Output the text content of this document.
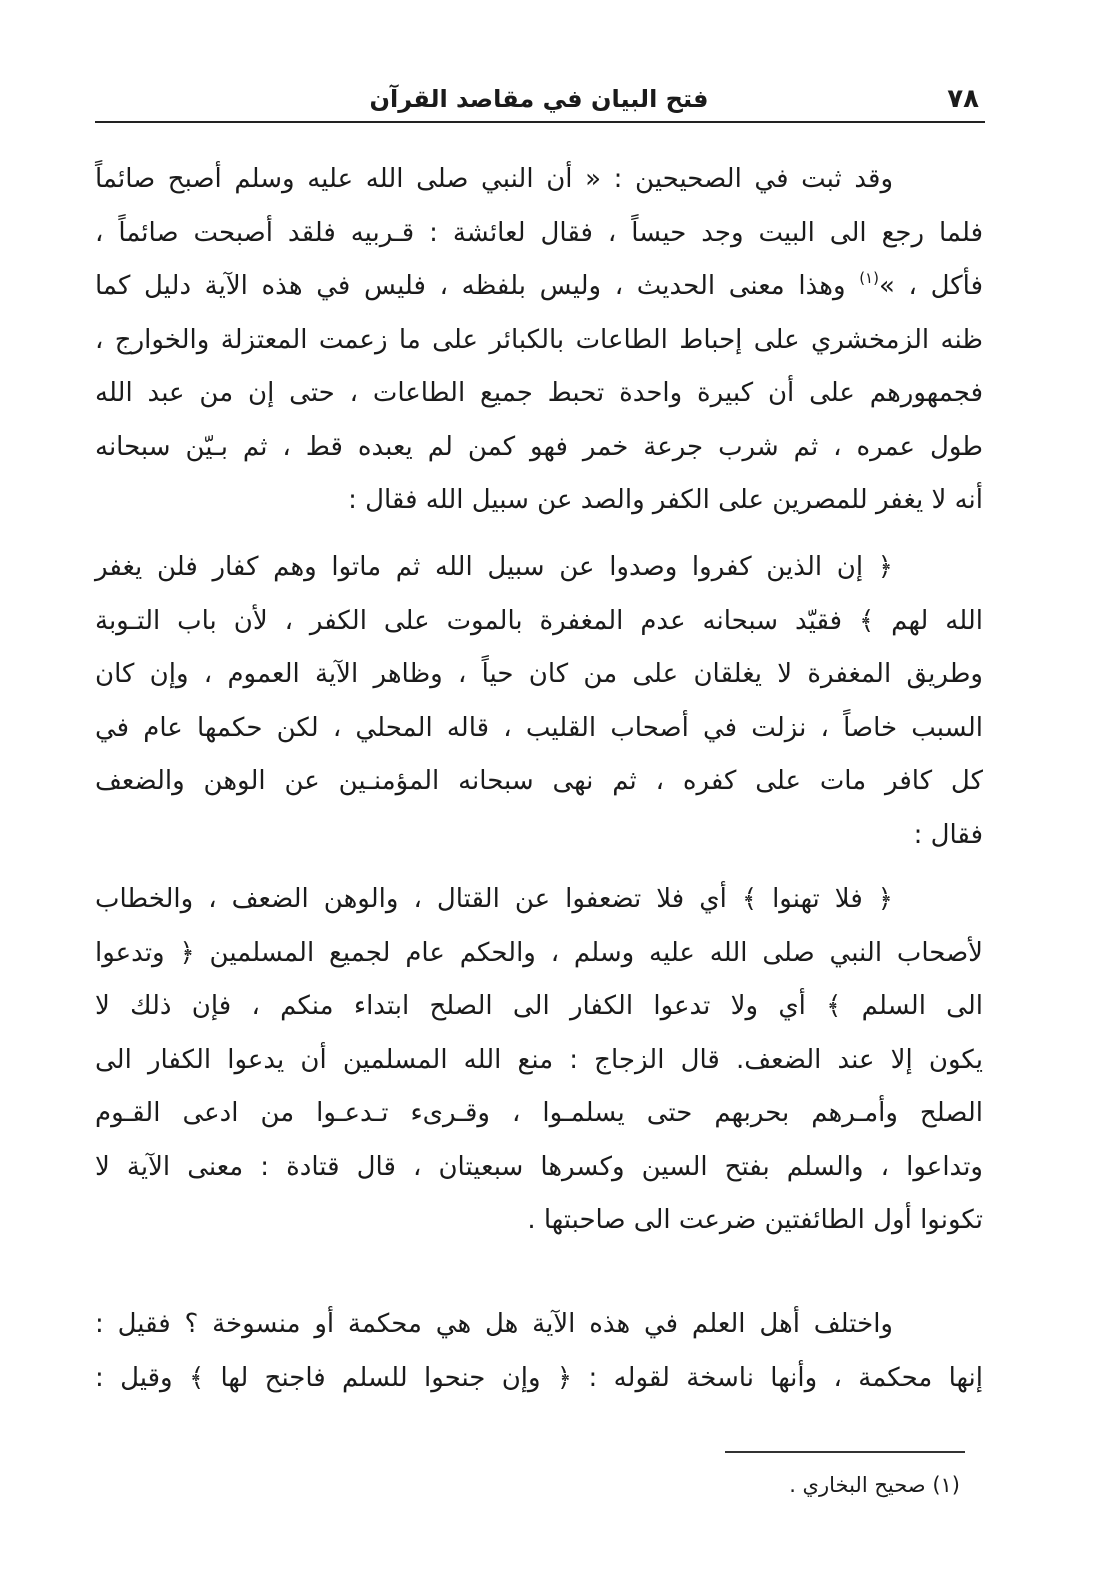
٧٨
فتح البيان في مقاصد القرآن
وقد ثبت في الصحيحين : « أن النبي صلى الله عليه وسلم أصبح صائماً
فلما رجع الى البيت وجد حيساً ، فقال لعائشة : قـربيه فلقد أصبحت صائماً ،
فأكل ، »$^{(١)}$ وهذا معنى الحديث ، وليس بلفظه ، فليس في هذه الآية دليل كما
ظنه الزمخشري على إحباط الطاعات بالكبائر على ما زعمت المعتزلة والخوارج ،
فجمهورهم على أن كبيرة واحدة تحبط جميع الطاعات ، حتى إن من عبد الله
طول عمره ، ثم شرب جرعة خمر فهو كمن لم يعبده قط ، ثم بـيّن سبحانه
أنه لا يغفر للمصرين على الكفر والصد عن سبيل الله فقال :
﴿ إن الذين كفروا وصدوا عن سبيل الله ثم ماتوا وهم كفار فلن يغفر
الله لهم ﴾ فقيّد سبحانه عدم المغفرة بالموت على الكفر ، لأن باب التـوبة
وطريق المغفرة لا يغلقان على من كان حياً ، وظاهر الآية العموم ، وإن كان
السبب خاصاً ، نزلت في أصحاب القليب ، قاله المحلي ، لكن حكمها عام في
كل كافر مات على كفره ، ثم نهى سبحانه المؤمنـين عن الوهن والضعف
فقال :
﴿ فلا تهنوا ﴾ أي فلا تضعفوا عن القتال ، والوهن الضعف ، والخطاب
لأصحاب النبي صلى الله عليه وسلم ، والحكم عام لجميع المسلمين ﴿ وتدعوا
الى السلم ﴾ أي ولا تدعوا الكفار الى الصلح ابتداء منكم ، فإن ذلك لا
يكون إلا عند الضعف. قال الزجاج : منع الله المسلمين أن يدعوا الكفار الى
الصلح وأمـرهم بحربهم حتى يسلمـوا ، وقـرىء تـدعـوا من ادعى القـوم
وتداعوا ، والسلم بفتح السين وكسرها سبعيتان ، قال قتادة : معنى الآية لا
تكونوا أول الطائفتين ضرعت الى صاحبتها .
واختلف أهل العلم في هذه الآية هل هي محكمة أو منسوخة ؟ فقيل :
إنها محكمة ، وأنها ناسخة لقوله : ﴿ وإن جنحوا للسلم فاجنح لها ﴾ وقيل :
(١) صحيح البخاري .
